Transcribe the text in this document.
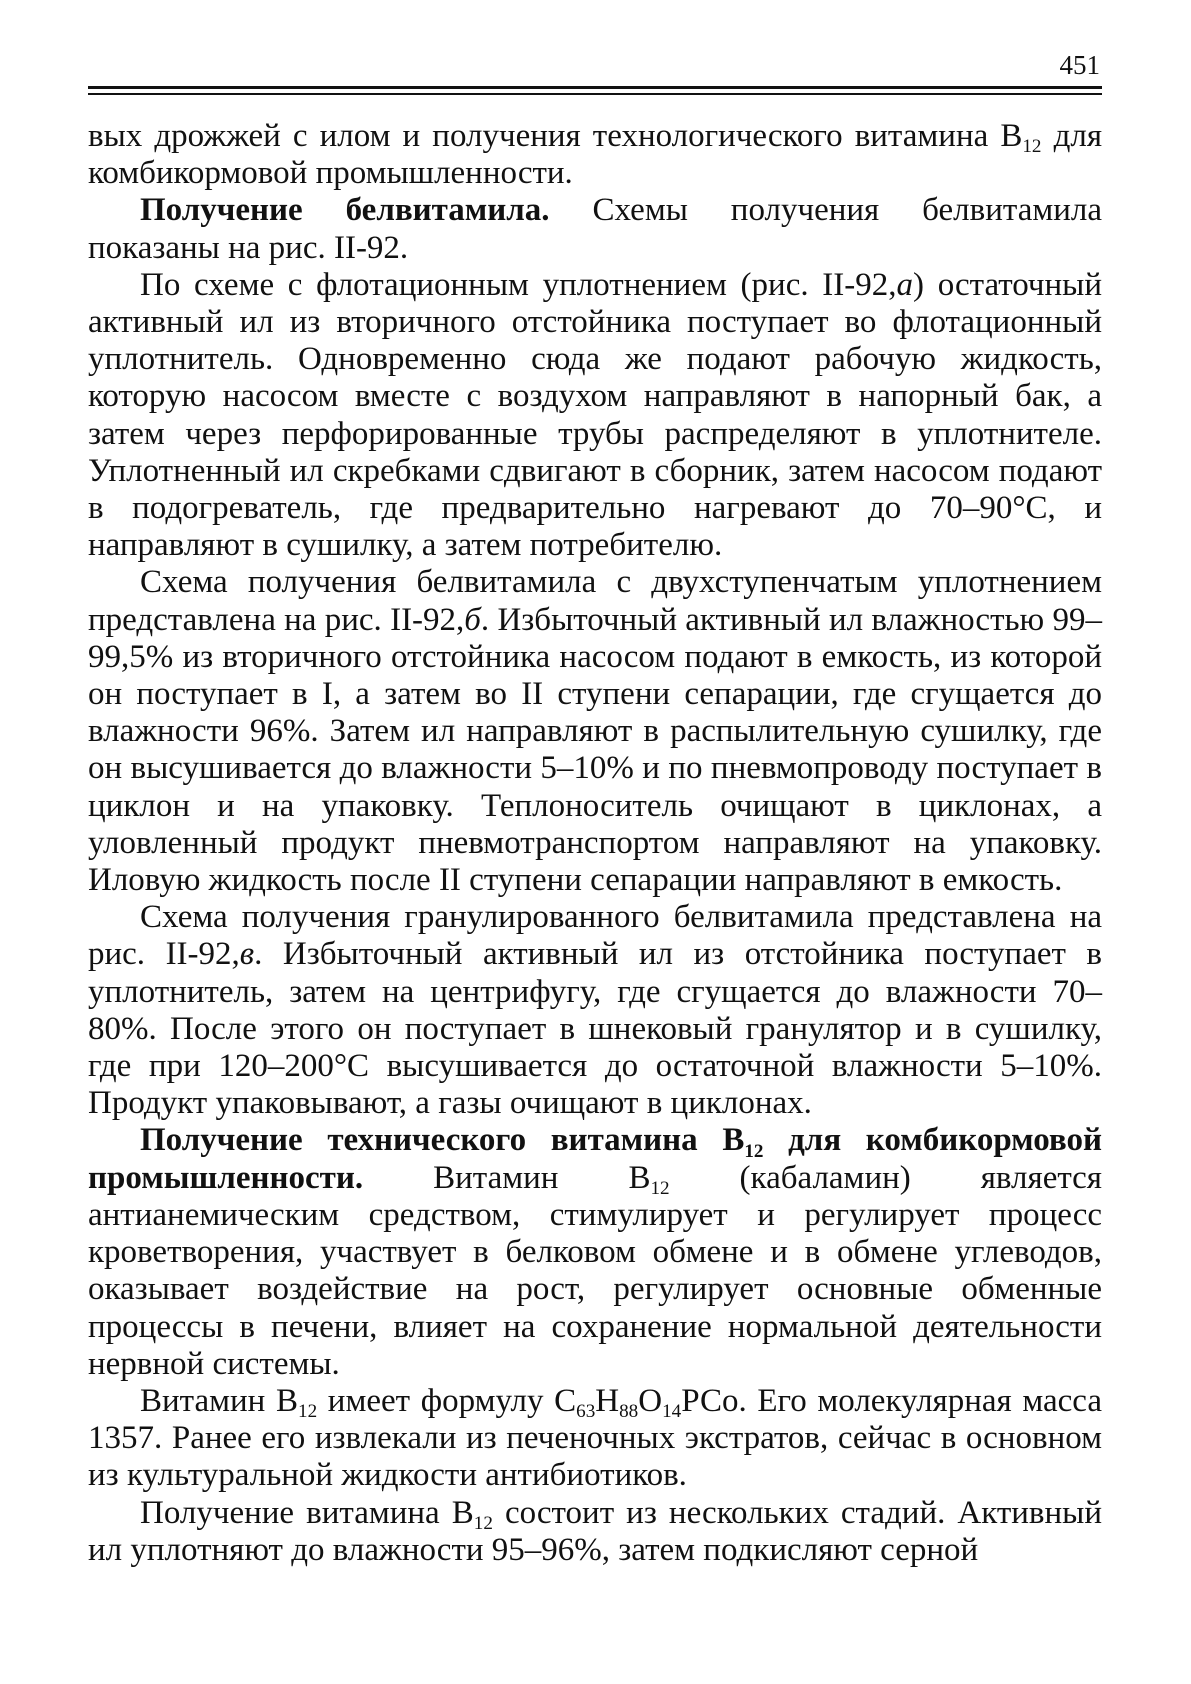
451

вых дрожжей с илом и получения технологического витамина $В_{12}$ для комбикормовой промышленности.

Получение белвитамила. Схемы получения белвитамила показаны на рис. II-92.

По схеме с флотационным уплотнением (рис. II-92,а) остаточный активный ил из вторичного отстойника поступает во флотационный уплотнитель. Одновременно сюда же подают рабочую жидкость, которую насосом вместе с воздухом направляют в напорный бак, а затем через перфорированные трубы распределяют в уплотнителе. Уплотненный ил скребками сдвигают в сборник, затем насосом подают в подогреватель, где предварительно нагревают до 70–90°С, и направляют в сушилку, а затем потребителю.

Схема получения белвитамила с двухступенчатым уплотнением представлена на рис. II-92,б. Избыточный активный ил влажностью 99–99,5% из вторичного отстойника насосом подают в емкость, из которой он поступает в I, а затем во II ступени сепарации, где сгущается до влажности 96%. Затем ил направляют в распылительную сушилку, где он высушивается до влажности 5–10% и по пневмопроводу поступает в циклон и на упаковку. Теплоноситель очищают в циклонах, а уловленный продукт пневмотранспортом направляют на упаковку. Иловую жидкость после II ступени сепарации направляют в емкость.

Схема получения гранулированного белвитамила представлена на рис. II-92,в. Избыточный активный ил из отстойника поступает в уплотнитель, затем на центрифугу, где сгущается до влажности 70–80%. После этого он поступает в шнековый гранулятор и в сушилку, где при 120–200°С высушивается до остаточной влажности 5–10%. Продукт упаковывают, а газы очищают в циклонах.

Получение технического витамина $В_{12}$ для комбикормовой промышленности. Витамин $В_{12}$ (кабаламин) является антианемическим средством, стимулирует и регулирует процесс кроветворения, участвует в белковом обмене и в обмене углеводов, оказывает воздействие на рост, регулирует основные обменные процессы в печени, влияет на сохранение нормальной деятельности нервной системы.

Витамин $В_{12}$ имеет формулу $С_{63}Н_{88}О_{14}РСо$. Его молекулярная масса 1357. Ранее его извлекали из печеночных экстратов, сейчас в основном из культуральной жидкости антибиотиков.

Получение витамина $В_{12}$ состоит из нескольких стадий. Активный ил уплотняют до влажности 95–96%, затем подкисляют серной
